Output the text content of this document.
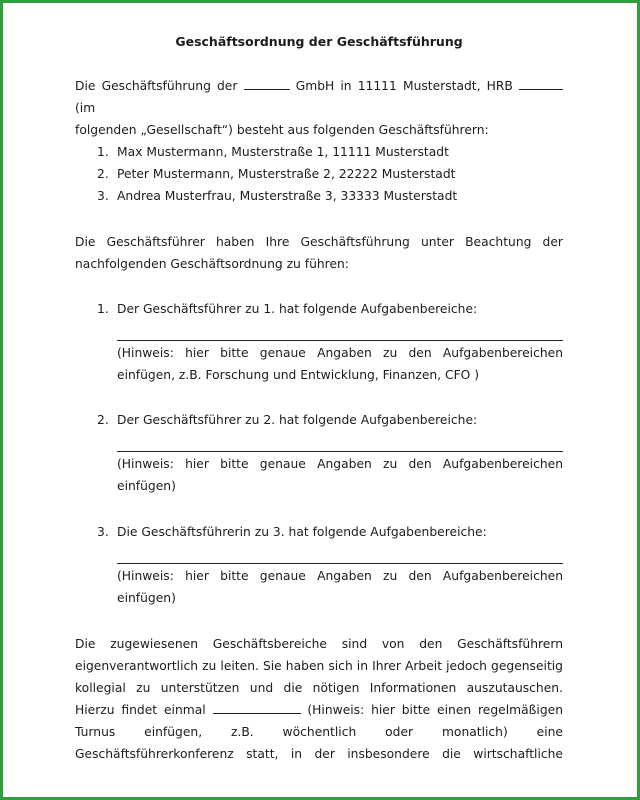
Geschäftsordnung der Geschäftsführung
Die Geschäftsführung der	GmbH in 11111 Musterstadt, HRB  (im
folgenden „Gesellschaft“) besteht aus folgenden Geschäftsführern:
1. Max Mustermann, Musterstraße 1, 11111 Musterstadt
2. Peter Mustermann, Musterstraße 2, 22222 Musterstadt
3. Andrea Musterfrau, Musterstraße 3, 33333 Musterstadt
Die Geschäftsführer haben Ihre Geschäftsführung unter Beachtung der
nachfolgenden Geschäftsordnung zu führen:
1. Der Geschäftsführer zu 1. hat folgende Aufgabenbereiche:
(Hinweis: hier bitte genaue Angaben zu den Aufgabenbereichen
einfügen, z.B. Forschung und Entwicklung, Finanzen, CFO )
2. Der Geschäftsführer zu 2. hat folgende Aufgabenbereiche:
(Hinweis: hier bitte genaue Angaben zu den Aufgabenbereichen
einfügen)
3. Die Geschäftsführerin zu 3. hat folgende Aufgabenbereiche:
(Hinweis: hier bitte genaue Angaben zu den Aufgabenbereichen
einfügen)
Die zugewiesenen Geschäftsbereiche sind von den Geschäftsführern
eigenverantwortlich zu leiten. Sie haben sich in Ihrer Arbeit jedoch gegenseitig
kollegial zu unterstützen und die nötigen Informationen auszutauschen.
Hierzu findet einmal	(Hinweis: hier bitte einen regelmäßigen
Turnus einfügen, z.B. wöchentlich oder monatlich) eine
Geschäftsführerkonferenz statt, in der insbesondere die wirtschaftliche
